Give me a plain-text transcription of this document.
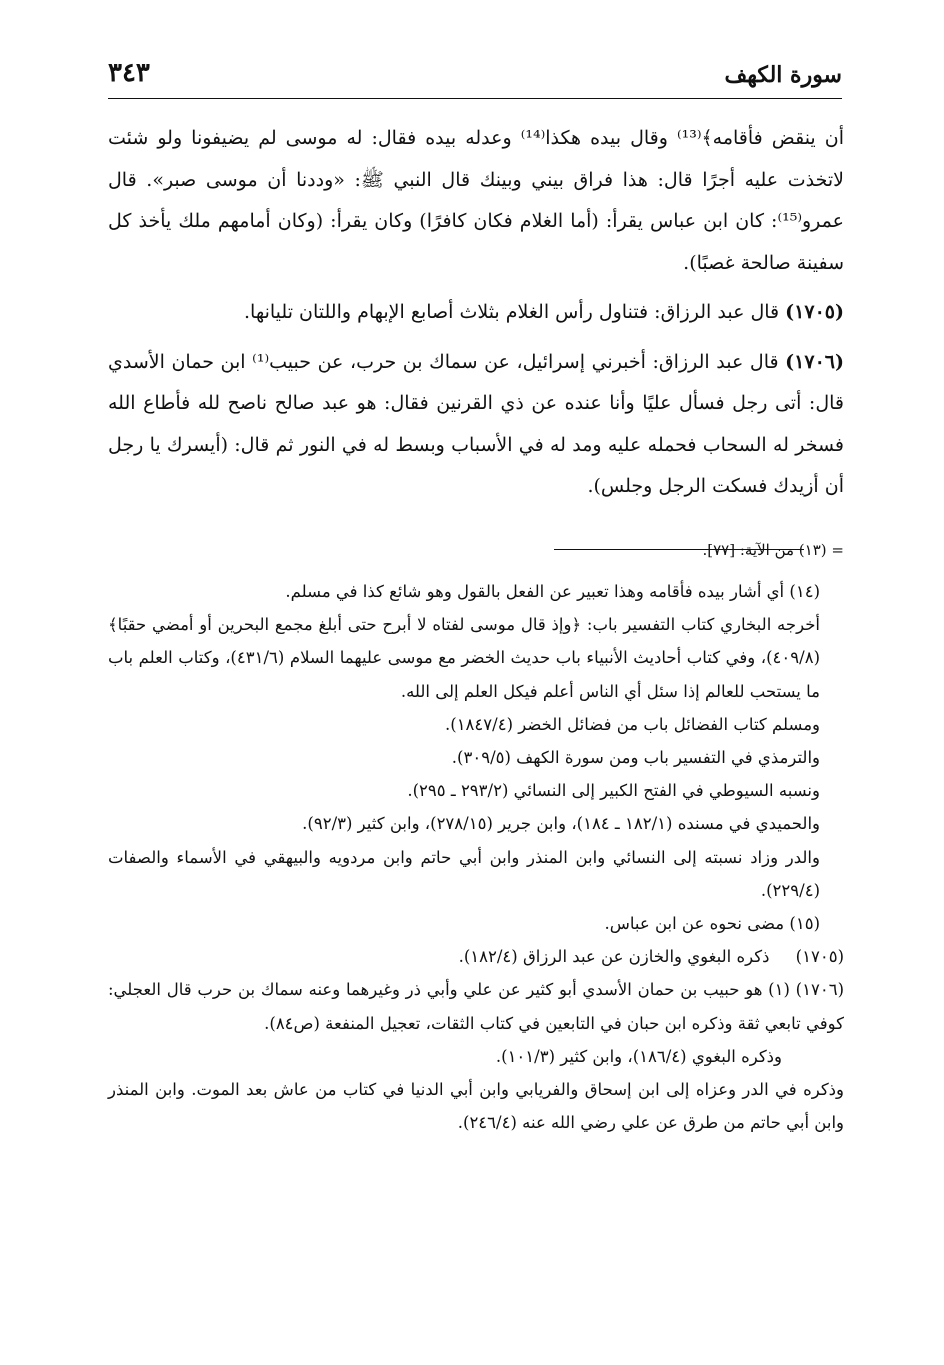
سورة الكهف
٣٤٣

أن ينقض فأقامه﴾⁽¹³⁾ وقال بيده هكذا⁽¹⁴⁾ وعدله بيده فقال: له موسى لم يضيفونا ولو شئت لاتخذت عليه أجرًا قال: هذا فراق بيني وبينك قال النبي ﷺ: «وددنا أن موسى صبر». قال عمرو⁽¹⁵⁾: كان ابن عباس يقرأ: (أما الغلام فكان كافرًا) وكان يقرأ: (وكان أمامهم ملك يأخذ كل سفينة صالحة غصبًا).

(١٧٠٥) قال عبد الرزاق: فتناول رأس الغلام بثلاث أصابع الإبهام واللتان تليانها.

(١٧٠٦) قال عبد الرزاق: أخبرني إسرائيل، عن سماك بن حرب، عن حبيب⁽¹⁾ ابن حمان الأسدي قال: أتى رجل فسأل عليًا وأنا عنده عن ذي القرنين فقال: هو عبد صالح ناصح لله فأطاع الله فسخر له السحاب فحمله عليه ومد له في الأسباب وبسط له في النور ثم قال: (أيسرك يا رجل أن أزيدك فسكت الرجل وجلس).

= (١٣) من الآية: [٧٧].

(١٤) أي أشار بيده فأقامه وهذا تعبير عن الفعل بالقول وهو شائع كذا في مسلم.

أخرجه البخاري كتاب التفسير باب: ﴿وإذ قال موسى لفتاه لا أبرح حتى أبلغ مجمع البحرين أو أمضي حقبًا﴾ (٤٠٩/٨)، وفي كتاب أحاديث الأنبياء باب حديث الخضر مع موسى عليهما السلام (٤٣١/٦)، وكتاب العلم باب ما يستحب للعالم إذا سئل أي الناس أعلم فيكل العلم إلى الله.

ومسلم كتاب الفضائل باب من فضائل الخضر (١٨٤٧/٤).

والترمذي في التفسير باب ومن سورة الكهف (٣٠٩/٥).

ونسبه السيوطي في الفتح الكبير إلى النسائي (٢٩٣/٢ ـ ٢٩٥).

والحميدي في مسنده (١٨٢/١ ـ ١٨٤)، وابن جرير (٢٧٨/١٥)، وابن كثير (٩٢/٣).

والدر وزاد نسبته إلى النسائي وابن المنذر وابن أبي حاتم وابن مردويه والبيهقي في الأسماء والصفات (٢٢٩/٤).

(١٥) مضى نحوه عن ابن عباس.

(١٧٠٥)     ذكره البغوي والخازن عن عبد الرزاق (١٨٢/٤).

(١٧٠٦) (١) هو حبيب بن حمان الأسدي أبو كثير عن علي وأبي ذر وغيرهما وعنه سماك بن حرب قال العجلي: كوفي تابعي ثقة وذكره ابن حبان في التابعين في كتاب الثقات، تعجيل المنفعة (ص٨٤).

وذكره البغوي (١٨٦/٤)، وابن كثير (١٠١/٣).

وذكره في الدر وعزاه إلى ابن إسحاق والفريابي وابن أبي الدنيا في كتاب من عاش بعد الموت. وابن المنذر وابن أبي حاتم من طرق عن علي رضي الله عنه (٢٤٦/٤).
